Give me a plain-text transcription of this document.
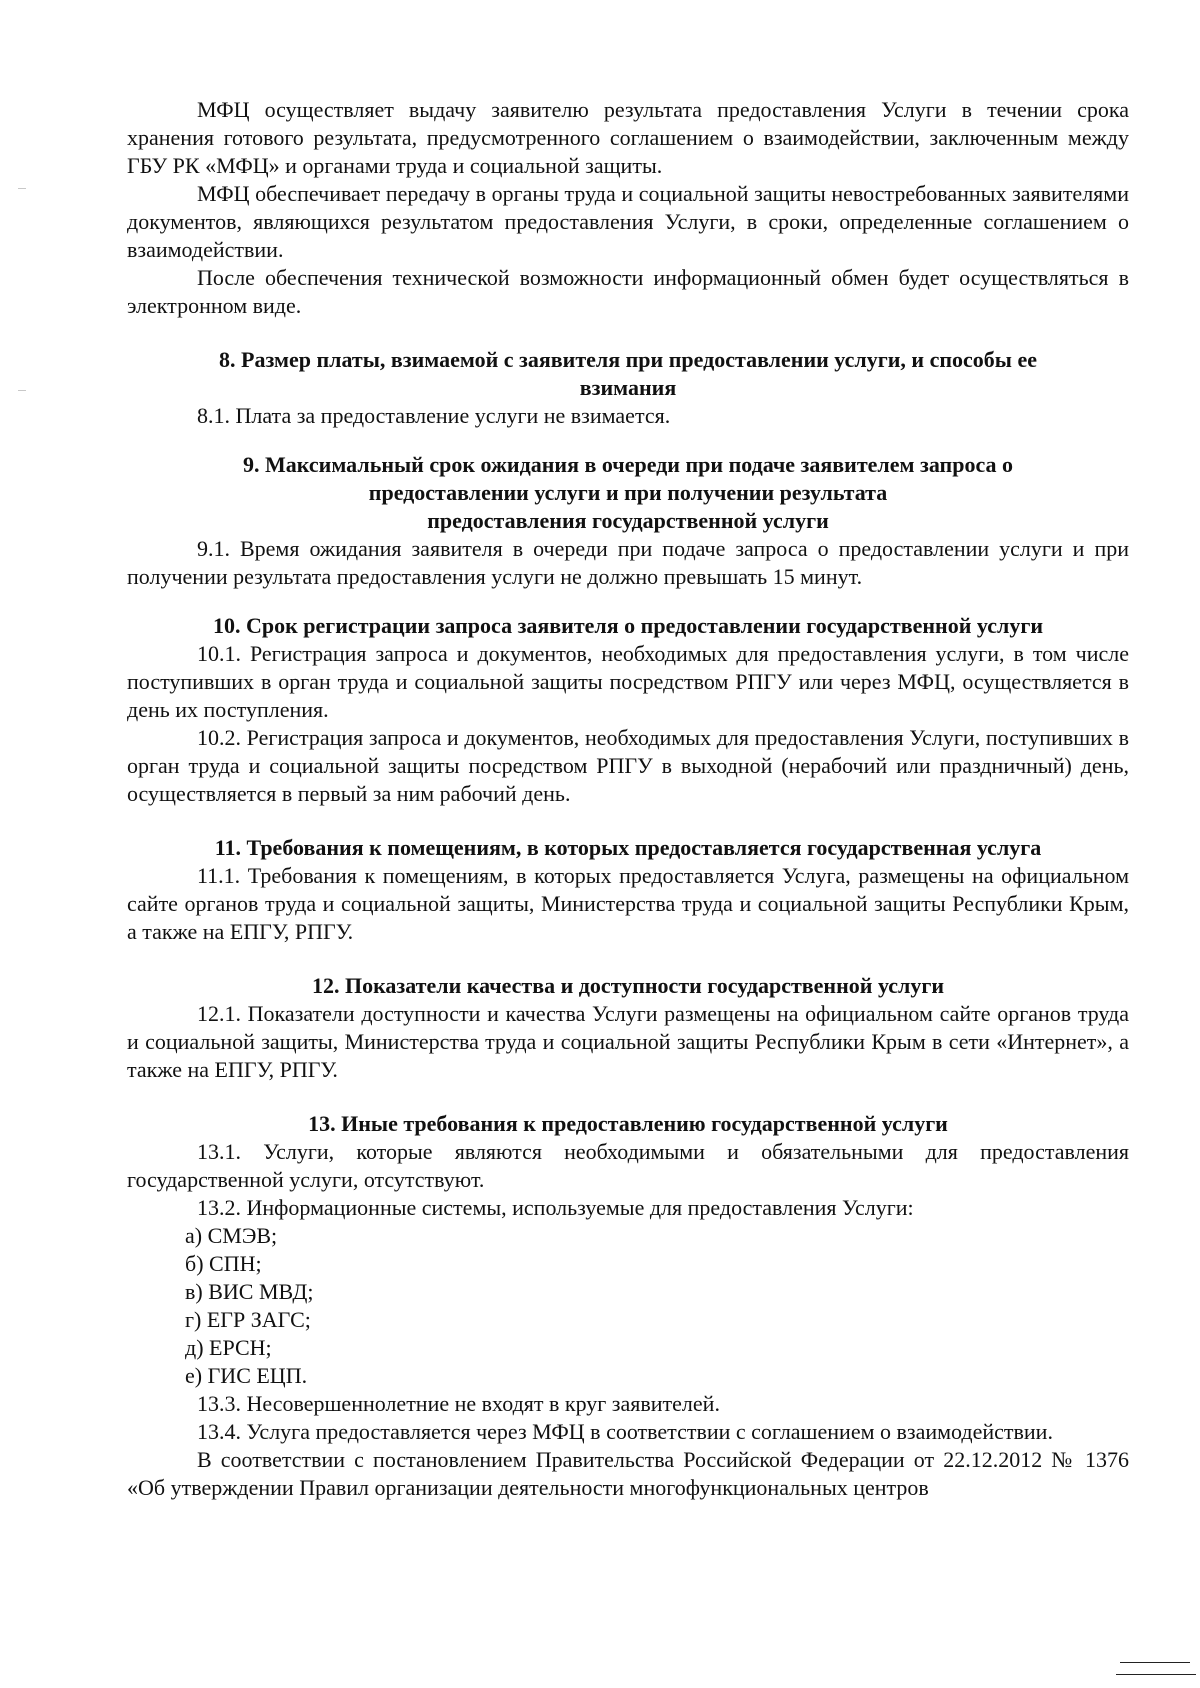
МФЦ осуществляет выдачу заявителю результата предоставления Услуги в течении срока хранения готового результата, предусмотренного соглашением о взаимодействии, заключенным между ГБУ РК «МФЦ» и органами труда и социальной защиты.

МФЦ обеспечивает передачу в органы труда и социальной защиты невостребованных заявителями документов, являющихся результатом предоставления Услуги, в сроки, определенные соглашением о взаимодействии.

После обеспечения технической возможности информационный обмен будет осуществляться в электронном виде.

8. Размер платы, взимаемой с заявителя при предоставлении услуги, и способы ее взимания

8.1. Плата за предоставление услуги не взимается.

9. Максимальный срок ожидания в очереди при подаче заявителем запроса о

предоставлении услуги и при получении результата

предоставления государственной услуги

9.1. Время ожидания заявителя в очереди при подаче запроса о предоставлении услуги и при получении результата предоставления услуги не должно превышать 15 минут.

10. Срок регистрации запроса заявителя о предоставлении государственной услуги

10.1. Регистрация запроса и документов, необходимых для предоставления услуги, в том числе поступивших в орган труда и социальной защиты посредством РПГУ или через МФЦ, осуществляется в день их поступления.

10.2. Регистрация запроса и документов, необходимых для предоставления Услуги, поступивших в орган труда и социальной защиты посредством РПГУ в выходной (нерабочий или праздничный) день, осуществляется в первый за ним рабочий день.

11. Требования к помещениям, в которых предоставляется государственная услуга

11.1. Требования к помещениям, в которых предоставляется Услуга, размещены на официальном сайте органов труда и социальной защиты, Министерства труда и социальной защиты Республики Крым, а также на ЕПГУ, РПГУ.

12. Показатели качества и доступности государственной услуги

12.1. Показатели доступности и качества Услуги размещены на официальном сайте органов труда и социальной защиты, Министерства труда и социальной защиты Республики Крым в сети «Интернет», а также на ЕПГУ, РПГУ.

13. Иные требования к предоставлению государственной услуги

13.1. Услуги, которые являются необходимыми и обязательными для предоставления государственной услуги, отсутствуют.

13.2. Информационные системы, используемые для предоставления Услуги:

а) СМЭВ;

б) СПН;

в) ВИС МВД;

г) ЕГР ЗАГС;

д) ЕРСН;

е) ГИС ЕЦП.

13.3. Несовершеннолетние не входят в круг заявителей.

13.4. Услуга предоставляется через МФЦ в соответствии с соглашением о взаимодействии.

В соответствии с постановлением Правительства Российской Федерации от 22.12.2012 № 1376 «Об утверждении Правил организации деятельности многофункциональных центров
